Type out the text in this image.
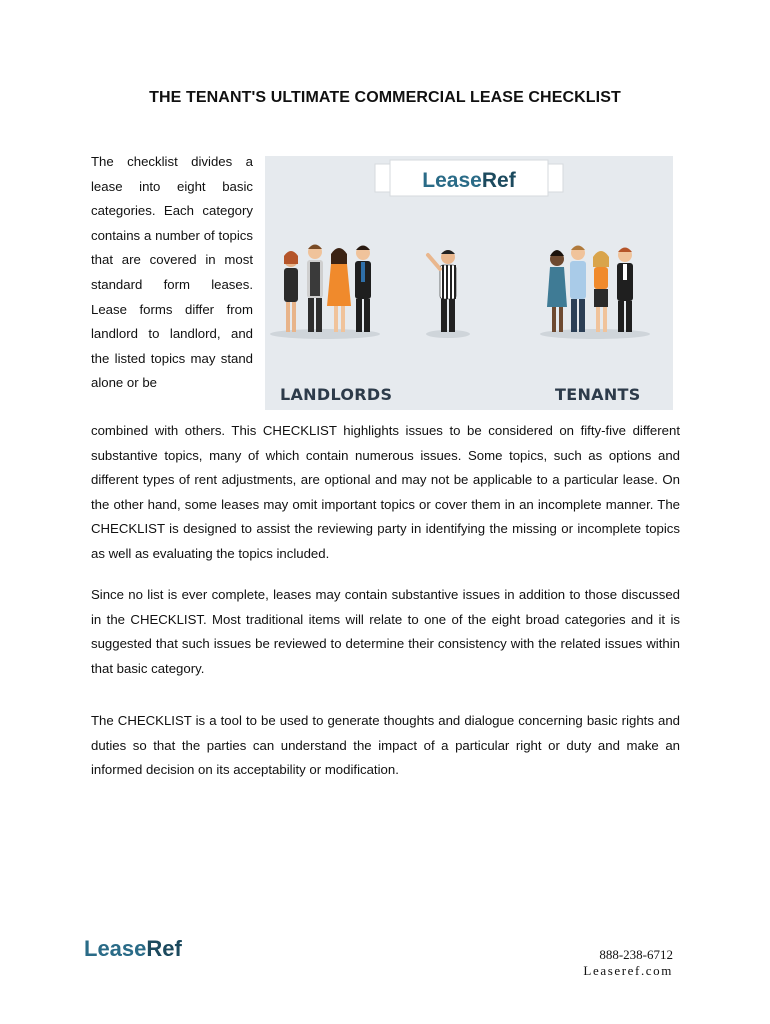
THE TENANT'S ULTIMATE COMMERCIAL LEASE CHECKLIST

The checklist divides a lease into eight basic categories. Each category contains a number of topics that are covered in most standard form leases. Lease forms differ from landlord to landlord, and the listed topics may stand alone or be

LeaseRef
LANDLORDS	TENANTS

combined with others. This CHECKLIST highlights issues to be considered on fifty-five different substantive topics, many of which contain numerous issues. Some topics, such as options and different types of rent adjustments, are optional and may not be applicable to a particular lease. On the other hand, some leases may omit important topics or cover them in an incomplete manner. The CHECKLIST is designed to assist the reviewing party in identifying the missing or incomplete topics as well as evaluating the topics included.

Since no list is ever complete, leases may contain substantive issues in addition to those discussed in the CHECKLIST. Most traditional items will relate to one of the eight broad categories and it is suggested that such issues be reviewed to determine their consistency with the related issues within that basic category.

The CHECKLIST is a tool to be used to generate thoughts and dialogue concerning basic rights and duties so that the parties can understand the impact of a particular right or duty and make an informed decision on its acceptability or modification.

LeaseRef	888-238-6712
Leaseref.com
